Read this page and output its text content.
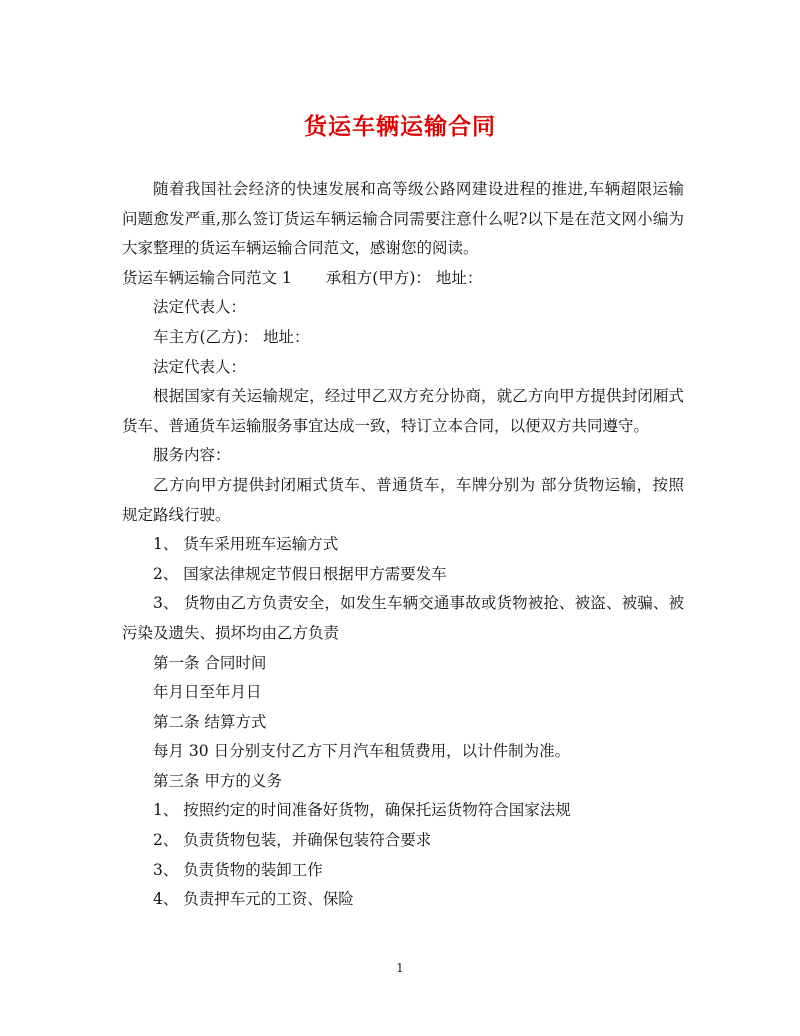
货运车辆运输合同

随着我国社会经济的快速发展和高等级公路网建设进程的推进,车辆超限运输问题愈发严重,那么签订货运车辆运输合同需要注意什么呢?以下是在范文网小编为大家整理的货运车辆运输合同范文，感谢您的阅读。

货运车辆运输合同范文 1 承租方(甲方)： 地址：

法定代表人：

车主方(乙方)： 地址：

法定代表人：

根据国家有关运输规定，经过甲乙双方充分协商，就乙方向甲方提供封闭厢式货车、普通货车运输服务事宜达成一致，特订立本合同，以便双方共同遵守。

服务内容：

乙方向甲方提供封闭厢式货车、普通货车，车牌分别为 部分货物运输，按照规定路线行驶。

1、 货车采用班车运输方式

2、 国家法律规定节假日根据甲方需要发车

3、 货物由乙方负责安全，如发生车辆交通事故或货物被抢、被盗、被骗、被污染及遗失、损坏均由乙方负责

第一条 合同时间

年月日至年月日

第二条 结算方式

每月 30 日分别支付乙方下月汽车租赁费用，以计件制为准。

第三条 甲方的义务

1、 按照约定的时间准备好货物，确保托运货物符合国家法规

2、 负责货物包装，并确保包装符合要求

3、 负责货物的装卸工作

4、 负责押车元的工资、保险

1
